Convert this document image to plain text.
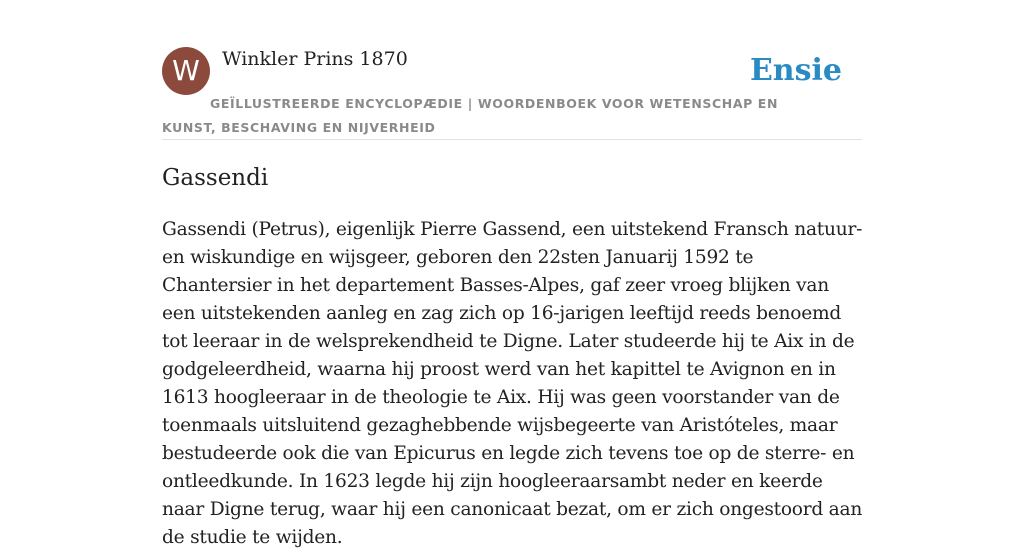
W	Winkler Prins 1870	Ensie
GEÏLLUSTREERDE ENCYCLOPÆDIE | WOORDENBOEK VOOR WETENSCHAP EN KUNST, BESCHAVING EN NIJVERHEID
Gassendi

Gassendi (Petrus), eigenlijk Pierre Gassend, een uitstekend Fransch natuur- en wiskundige en wijsgeer, geboren den 22sten Januarij 1592 te Chantersier in het departement Basses-Alpes, gaf zeer vroeg blijken van een uitstekenden aanleg en zag zich op 16-jarigen leeftijd reeds benoemd tot leeraar in de welsprekendheid te Digne. Later studeerde hij te Aix in de godgeleerdheid, waarna hij proost werd van het kapittel te Avignon en in 1613 hoogleeraar in de theologie te Aix. Hij was geen voorstander van de toenmaals uitsluitend gezaghebbende wijsbegeerte van Aristóteles, maar bestudeerde ook die van Epicurus en legde zich tevens toe op de sterre- en ontleedkunde. In 1623 legde hij zijn hoogleeraarsambt neder en keerde naar Digne terug, waar hij een canonicaat bezat, om er zich ongestoord aan de studie te wijden.
